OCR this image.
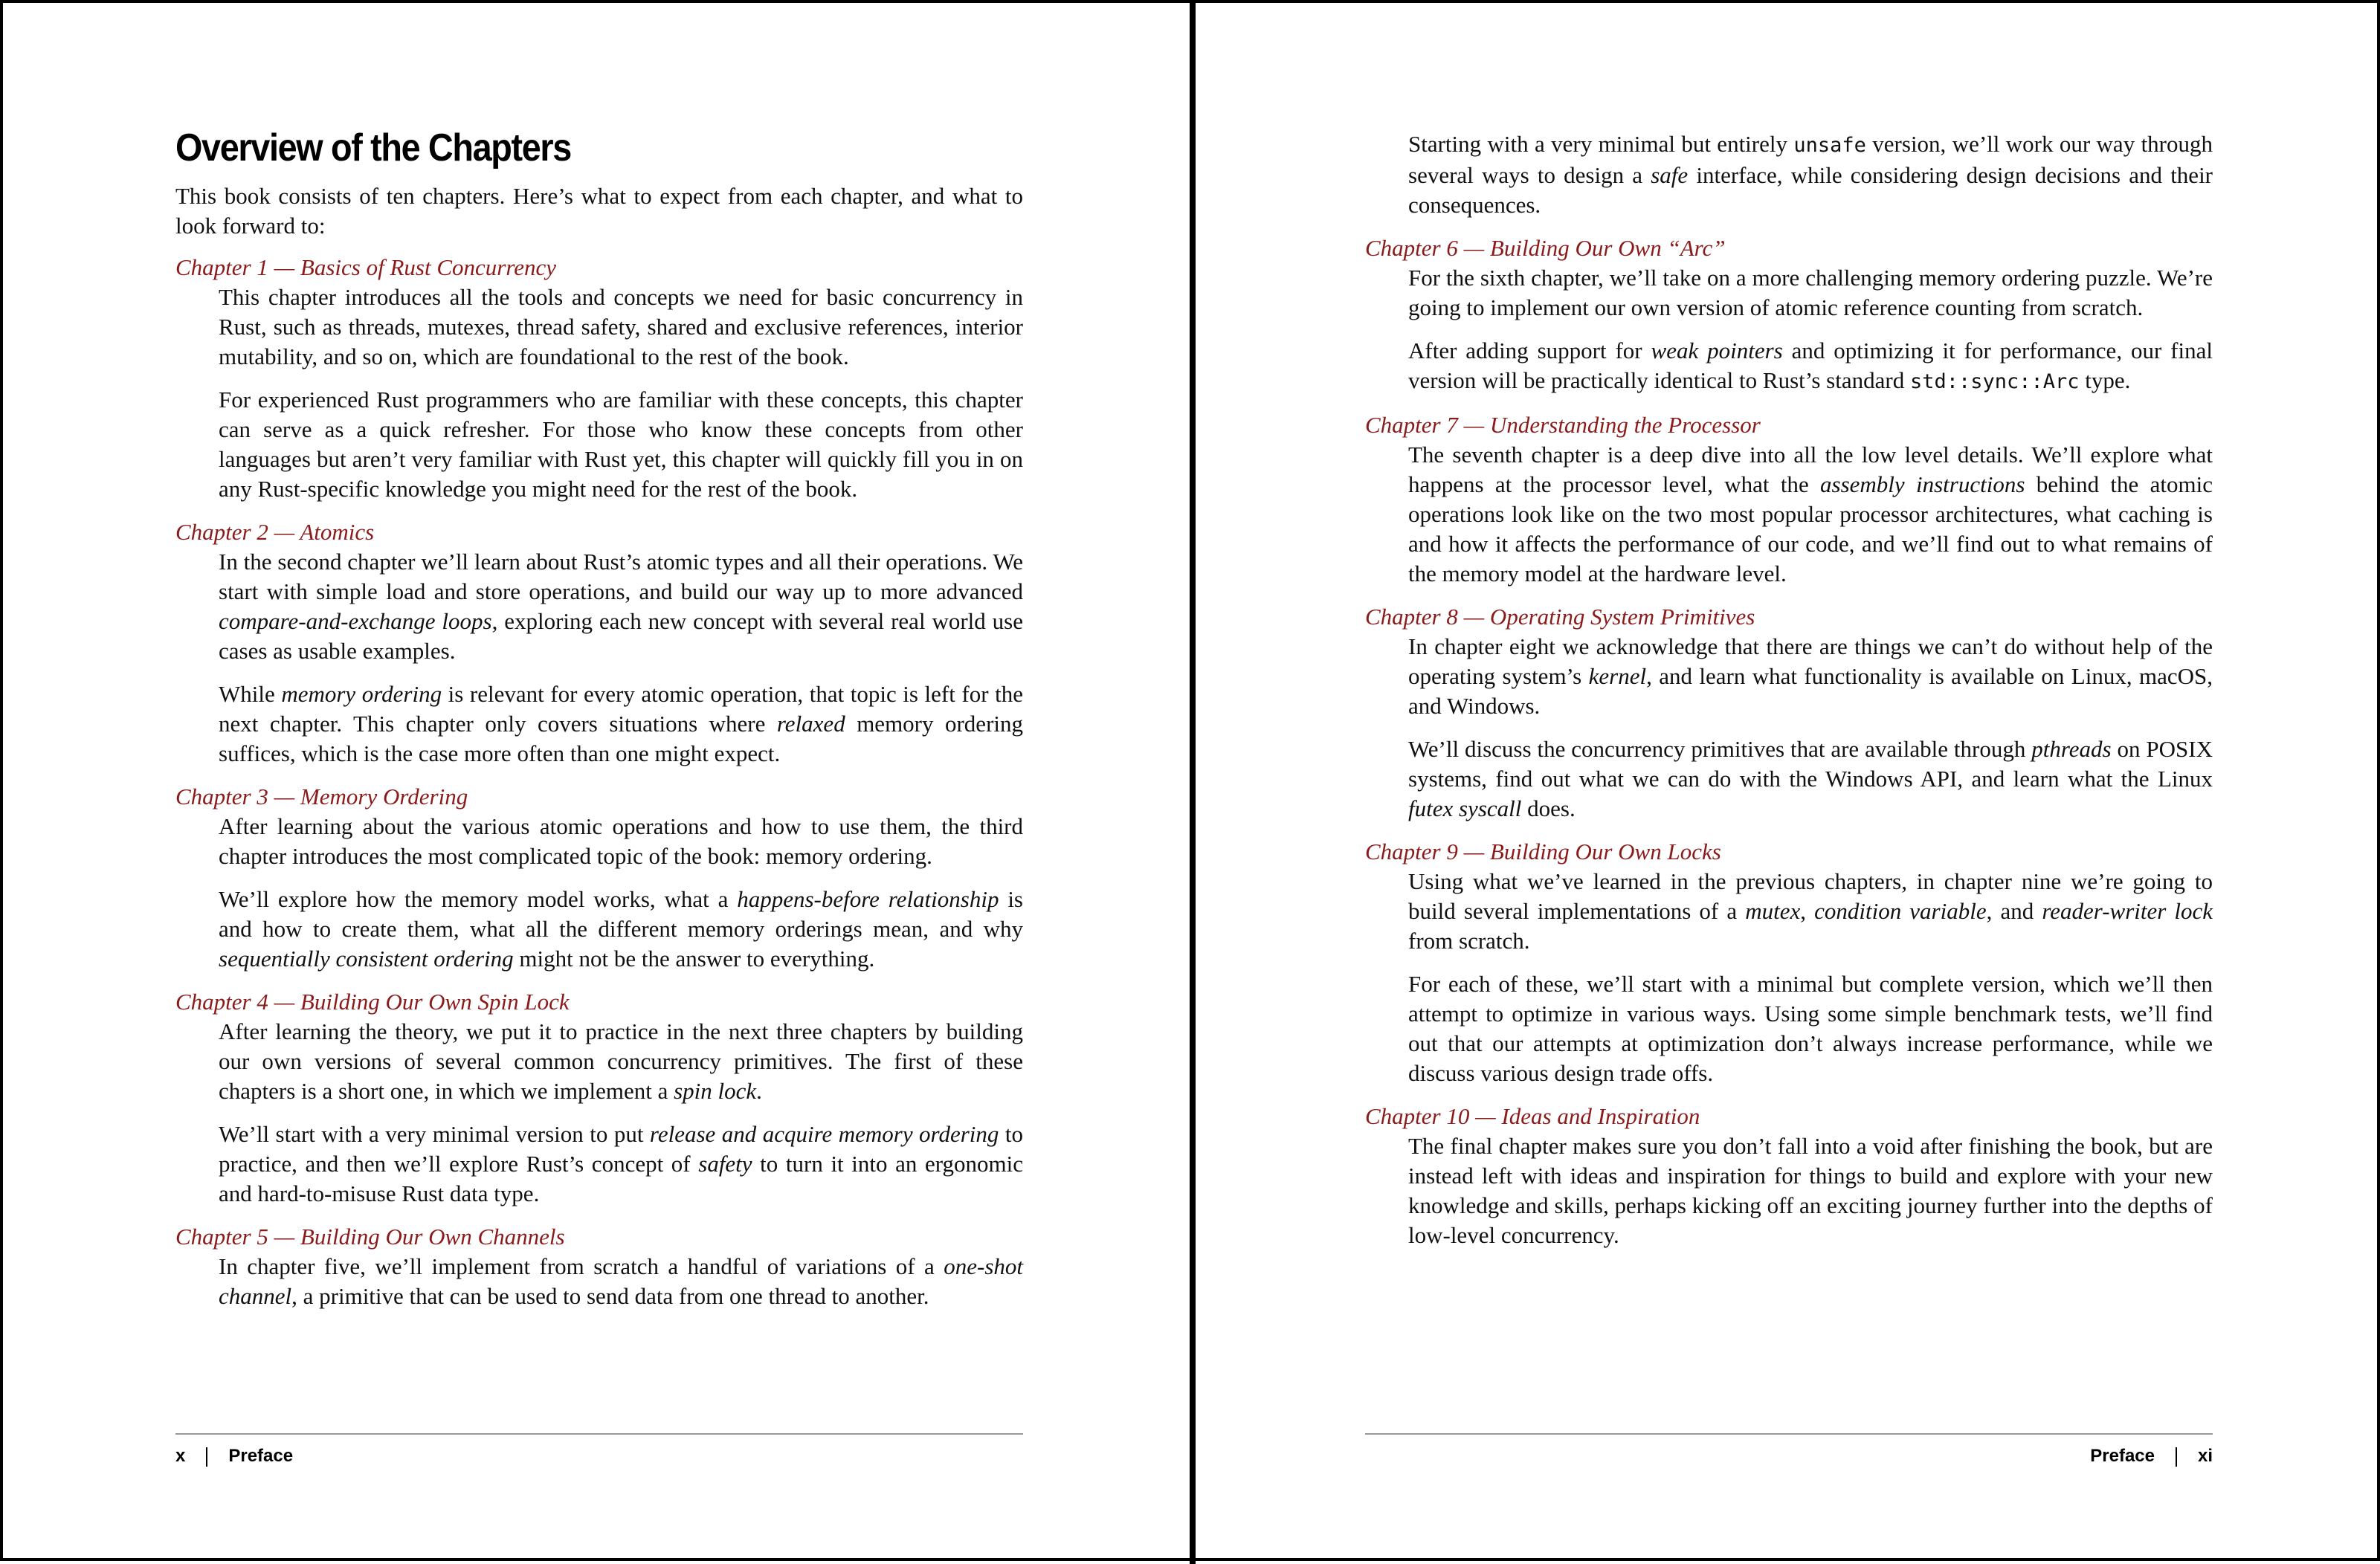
Overview of the Chapters

This book consists of ten chapters. Here’s what to expect from each chapter, and what to look forward to:

Chapter 1 — Basics of Rust Concurrency

This chapter introduces all the tools and concepts we need for basic concurrency in Rust, such as threads, mutexes, thread safety, shared and exclusive references, interior mutability, and so on, which are foundational to the rest of the book.

For experienced Rust programmers who are familiar with these concepts, this chapter can serve as a quick refresher. For those who know these concepts from other languages but aren’t very familiar with Rust yet, this chapter will quickly fill you in on any Rust-specific knowledge you might need for the rest of the book.

Chapter 2 — Atomics

In the second chapter we’ll learn about Rust’s atomic types and all their operations. We start with simple load and store operations, and build our way up to more advanced compare-and-exchange loops, exploring each new concept with several real world use cases as usable examples.

While memory ordering is relevant for every atomic operation, that topic is left for the next chapter. This chapter only covers situations where relaxed memory ordering suffices, which is the case more often than one might expect.

Chapter 3 — Memory Ordering

After learning about the various atomic operations and how to use them, the third chapter introduces the most complicated topic of the book: memory ordering.

We’ll explore how the memory model works, what a happens-before relationship is and how to create them, what all the different memory orderings mean, and why sequentially consistent ordering might not be the answer to everything.

Chapter 4 — Building Our Own Spin Lock

After learning the theory, we put it to practice in the next three chapters by building our own versions of several common concurrency primitives. The first of these chapters is a short one, in which we implement a spin lock.

We’ll start with a very minimal version to put release and acquire memory ordering to practice, and then we’ll explore Rust’s concept of safety to turn it into an ergonomic and hard-to-misuse Rust data type.

Chapter 5 — Building Our Own Channels

In chapter five, we’ll implement from scratch a handful of variations of a one-shot channel, a primitive that can be used to send data from one thread to another.

x Preface

Starting with a very minimal but entirely unsafe version, we’ll work our way through several ways to design a safe interface, while considering design decisions and their consequences.

Chapter 6 — Building Our Own “Arc”

For the sixth chapter, we’ll take on a more challenging memory ordering puzzle. We’re going to implement our own version of atomic reference counting from scratch.

After adding support for weak pointers and optimizing it for performance, our final version will be practically identical to Rust’s standard std::sync::Arc type.

Chapter 7 — Understanding the Processor

The seventh chapter is a deep dive into all the low level details. We’ll explore what happens at the processor level, what the assembly instructions behind the atomic operations look like on the two most popular processor architectures, what caching is and how it affects the performance of our code, and we’ll find out to what remains of the memory model at the hardware level.

Chapter 8 — Operating System Primitives

In chapter eight we acknowledge that there are things we can’t do without help of the operating system’s kernel, and learn what functionality is available on Linux, macOS, and Windows.

We’ll discuss the concurrency primitives that are available through pthreads on POSIX systems, find out what we can do with the Windows API, and learn what the Linux futex syscall does.

Chapter 9 — Building Our Own Locks

Using what we’ve learned in the previous chapters, in chapter nine we’re going to build several implementations of a mutex, condition variable, and reader-writer lock from scratch.

For each of these, we’ll start with a minimal but complete version, which we’ll then attempt to optimize in various ways. Using some simple benchmark tests, we’ll find out that our attempts at optimization don’t always increase performance, while we discuss various design trade offs.

Chapter 10 — Ideas and Inspiration

The final chapter makes sure you don’t fall into a void after finishing the book, but are instead left with ideas and inspiration for things to build and explore with your new knowledge and skills, perhaps kicking off an exciting journey further into the depths of low-level concurrency.

Preface xi
